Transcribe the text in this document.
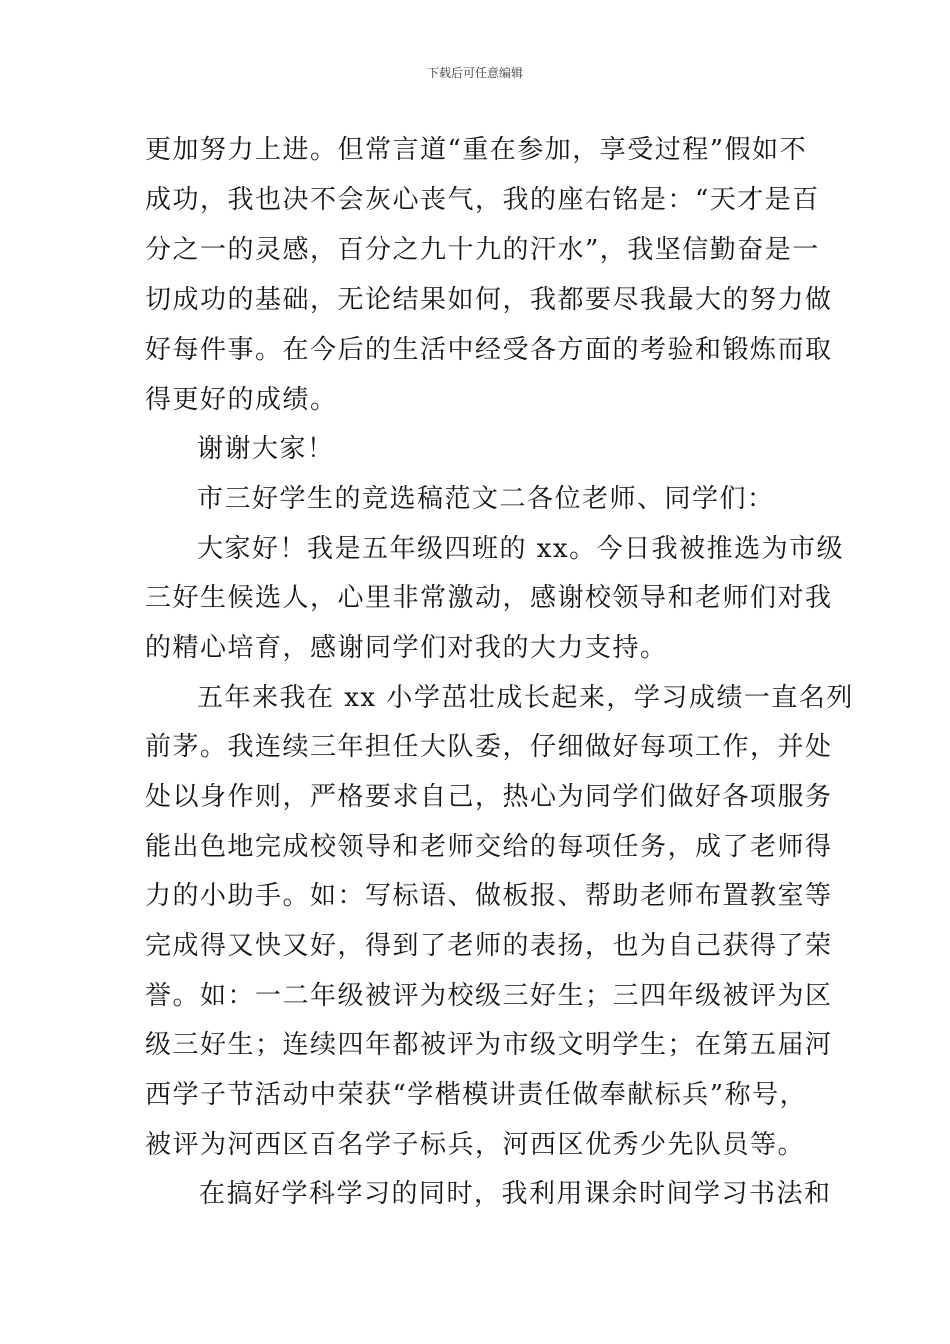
下载后可任意编辑
更加努力上进。但常言道“重在参加，享受过程”假如不
成功，我也决不会灰心丧气，我的座右铭是：“天才是百
分之一的灵感，百分之九十九的汗水”，我坚信勤奋是一
切成功的基础，无论结果如何，我都要尽我最大的努力做
好每件事。在今后的生活中经受各方面的考验和锻炼而取
得更好的成绩。
谢谢大家！
市三好学生的竞选稿范文二各位老师、同学们：
大家好！我是五年级四班的 xx。今日我被推选为市级
三好生候选人，心里非常激动，感谢校领导和老师们对我
的精心培育，感谢同学们对我的大力支持。
五年来我在 xx 小学茁壮成长起来，学习成绩一直名列
前茅。我连续三年担任大队委，仔细做好每项工作，并处
处以身作则，严格要求自己，热心为同学们做好各项服务
能出色地完成校领导和老师交给的每项任务，成了老师得
力的小助手。如：写标语、做板报、帮助老师布置教室等
完成得又快又好，得到了老师的表扬，也为自己获得了荣
誉。如：一二年级被评为校级三好生；三四年级被评为区
级三好生；连续四年都被评为市级文明学生；在第五届河
西学子节活动中荣获“学楷模讲责任做奉献标兵”称号，
被评为河西区百名学子标兵，河西区优秀少先队员等。
在搞好学科学习的同时，我利用课余时间学习书法和
